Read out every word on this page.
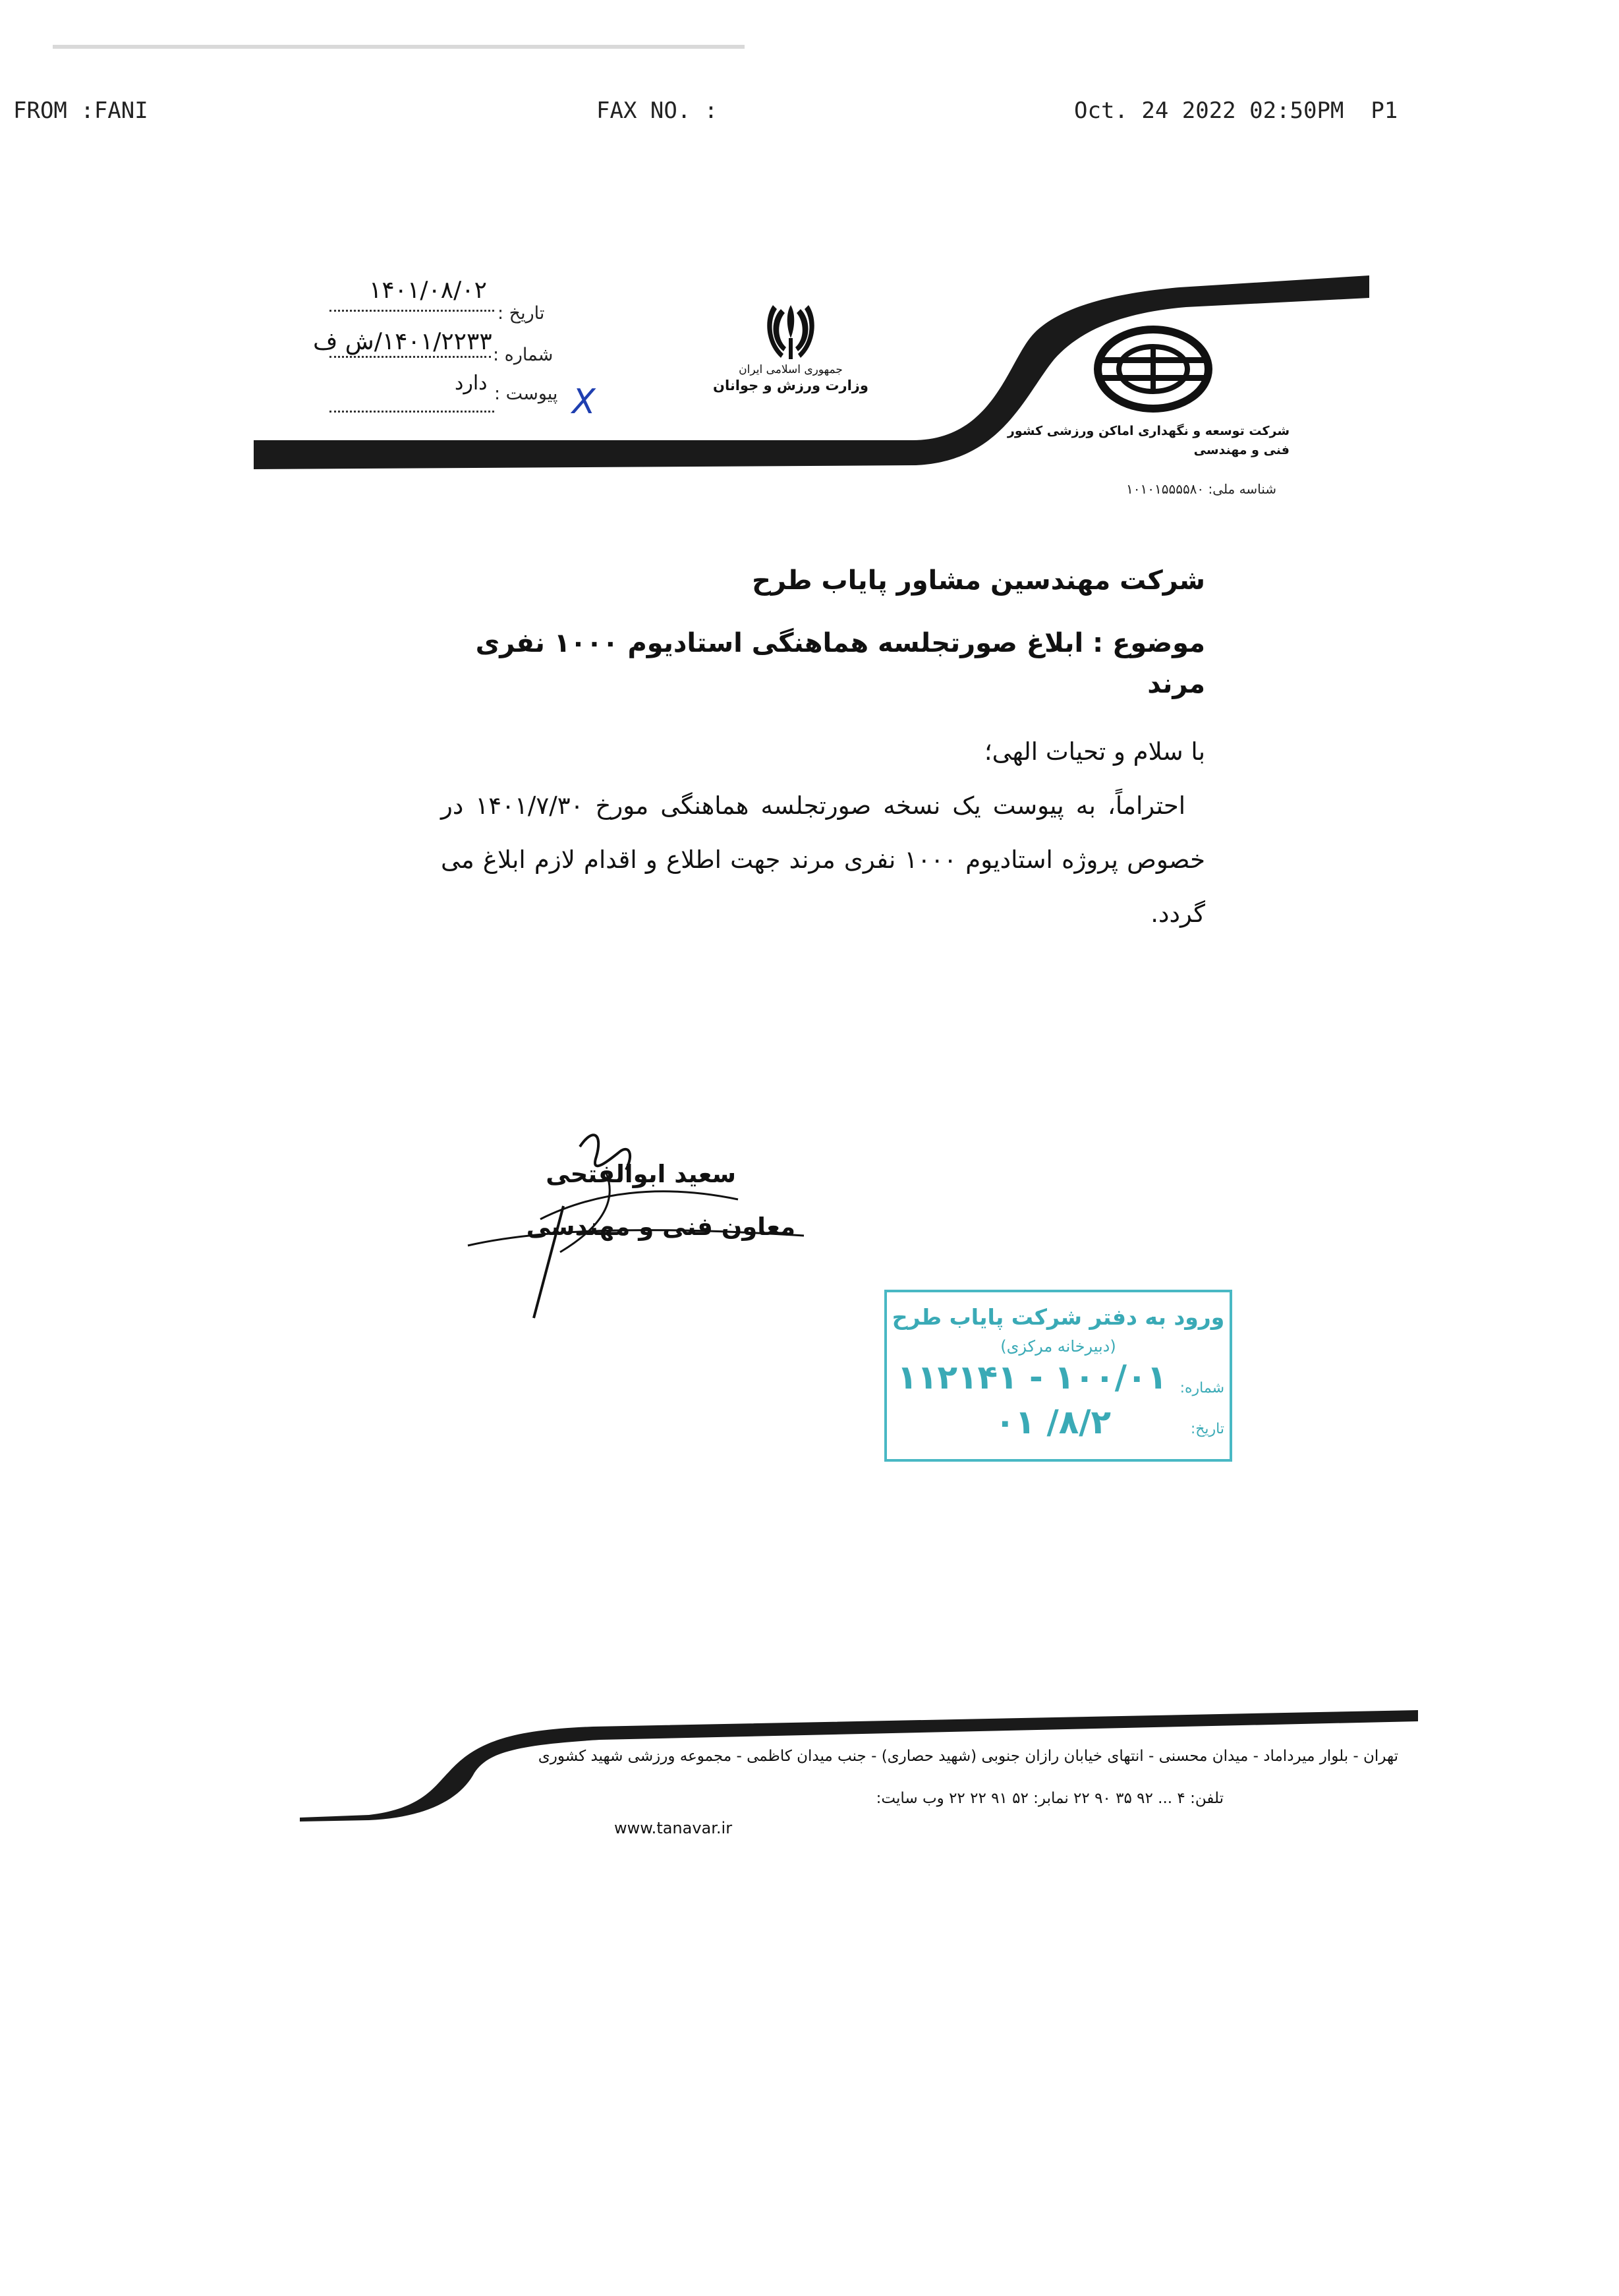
FROM :FANI	FAX NO. :	Oct. 24 2022 02:50PM  P1
شرکت توسعه و نگهداری اماکن ورزشی کشور
فنی و مهندسی
شناسه ملی: ۱۰۱۰۱۵۵۵۵۸۰
جمهوری اسلامی ایران
وزارت ورزش و جوانان
تاریخ :
۱۴۰۱/۰۸/۰۲
شماره :
۱۴۰۱/۲۲۳۳/ش ف
پیوست :
دارد X
شرکت مهندسین مشاور پایاب طرح
موضوع : ابلاغ صورتجلسه هماهنگی استادیوم ۱۰۰۰ نفری مرند
با سلام و تحیات الهی؛
احتراماً، به پیوست یک نسخه صورتجلسه هماهنگی مورخ ۱۴۰۱/۷/۳۰ در خصوص پروژه استادیوم ۱۰۰۰ نفری مرند جهت اطلاع و اقدام لازم ابلاغ می گردد.
سعید ابوالفتحی
معاون فنی و مهندسی
ورود به دفتر شرکت پایاب طرح
(دبیرخانه مرکزی)
شماره:
۱۰۰/۰۱ - ۱۱۲۱۴۱
تاریخ:
۸/۲/ ۰۱
تهران - بلوار میرداماد - میدان محسنی - انتهای خیابان رازان جنوبی (شهید حصاری) - جنب میدان کاظمی - مجموعه ورزشی شهید کشوری
تلفن: ۴ ... ۹۲ ۳۵ ۹۰ ۲۲ نمابر: ۵۲ ۹۱ ۲۲ ۲۲ وب سایت:
www.tanavar.ir
